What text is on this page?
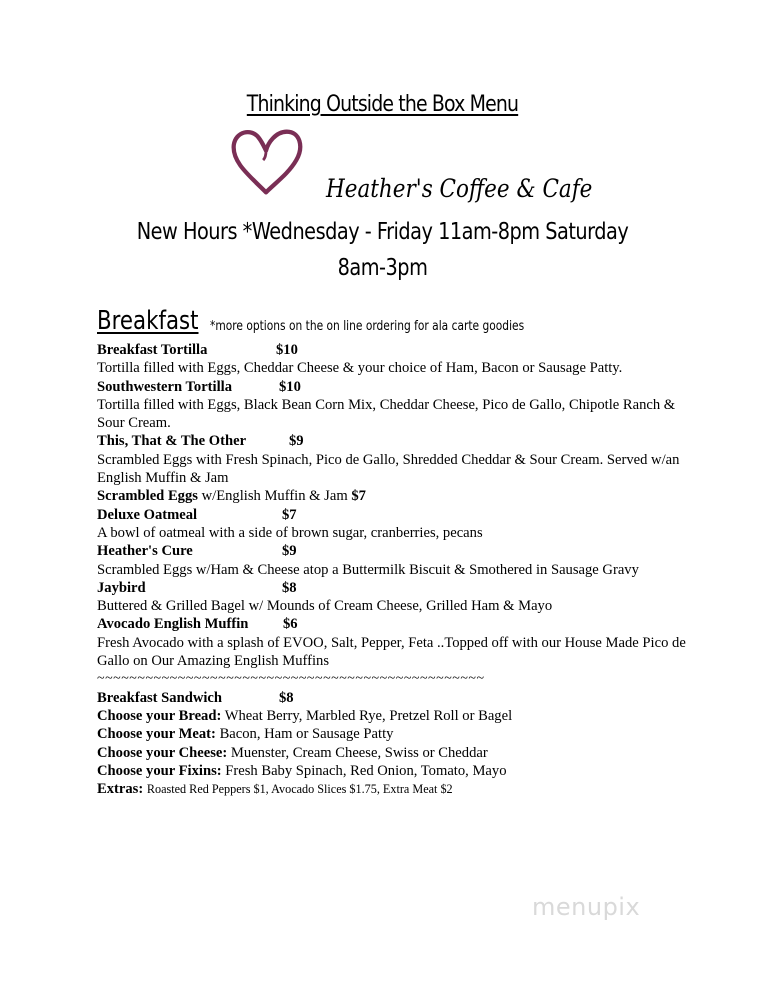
Thinking Outside the Box Menu
Heather's Coffee & Cafe
New Hours *Wednesday - Friday 11am-8pm Saturday
8am-3pm
Breakfast *more options on the on line ordering for ala carte goodies
Breakfast Tortilla	$10
Tortilla filled with Eggs, Cheddar Cheese & your choice of Ham, Bacon or Sausage Patty.
Southwestern Tortilla	$10
Tortilla filled with Eggs, Black Bean Corn Mix, Cheddar Cheese, Pico de Gallo, Chipotle Ranch & Sour Cream.
This, That & The Other	$9
Scrambled Eggs with Fresh Spinach, Pico de Gallo, Shredded Cheddar & Sour Cream. Served w/an English Muffin & Jam
Scrambled Eggs w/English Muffin & Jam $7
Deluxe Oatmeal	$7
A bowl of oatmeal with a side of brown sugar, cranberries, pecans
Heather's Cure	$9
Scrambled Eggs w/Ham & Cheese atop a Buttermilk Biscuit & Smothered in Sausage Gravy
Jaybird	$8
Buttered & Grilled Bagel w/ Mounds of Cream Cheese, Grilled Ham & Mayo
Avocado English Muffin $6
Fresh Avocado with a splash of EVOO, Salt, Pepper, Feta ..Topped off with our House Made Pico de Gallo on Our Amazing English Muffins
~~~~~~~~~~~~~~~~~~~~~~~~~~~~~~~~~~~~~~~~~~~~~~~~
Breakfast Sandwich	$8
Choose your Bread: Wheat Berry, Marbled Rye, Pretzel Roll or Bagel
Choose your Meat: Bacon, Ham or Sausage Patty
Choose your Cheese: Muenster, Cream Cheese, Swiss or Cheddar
Choose your Fixins: Fresh Baby Spinach, Red Onion, Tomato, Mayo
Extras: Roasted Red Peppers $1, Avocado Slices $1.75, Extra Meat $2
menupix
